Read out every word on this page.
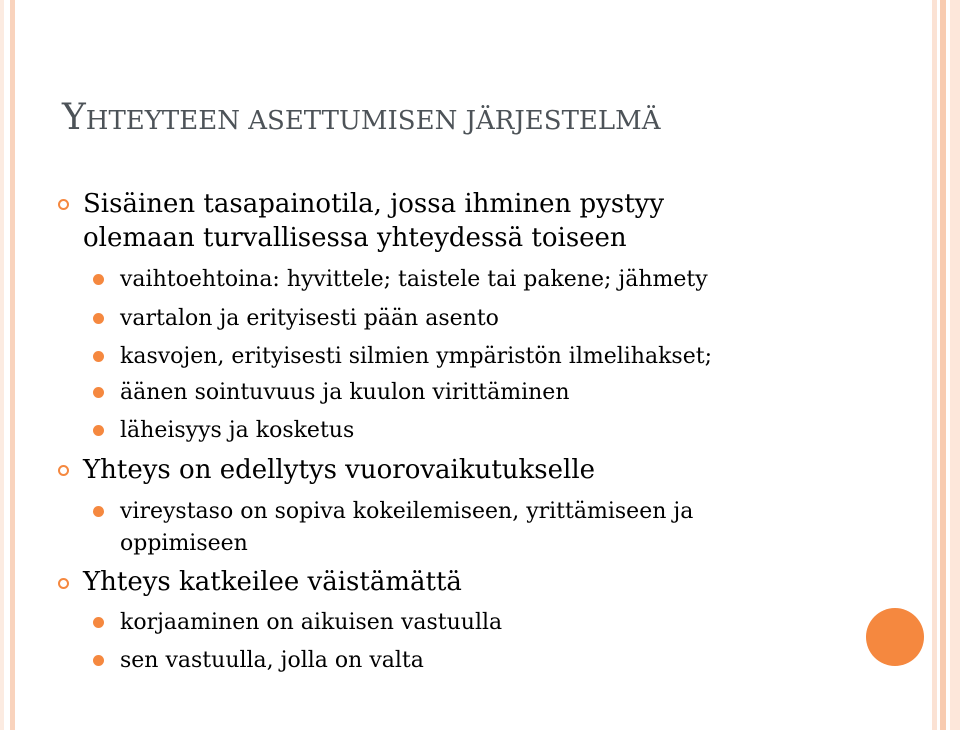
YHTEYTEEN ASETTUMISEN JÄRJESTELMÄ
Sisäinen tasapainotila, jossa ihminen pystyy
olemaan turvallisessa yhteydessä toiseen
vaihtoehtoina: hyvittele; taistele tai pakene; jähmety
vartalon ja erityisesti pään asento
kasvojen, erityisesti silmien ympäristön ilmelihakset;
äänen sointuvuus ja kuulon virittäminen
läheisyys ja kosketus
Yhteys on edellytys vuorovaikutukselle
vireystaso on sopiva kokeilemiseen, yrittämiseen ja
oppimiseen
Yhteys katkeilee väistämättä
korjaaminen on aikuisen vastuulla
sen vastuulla, jolla on valta
